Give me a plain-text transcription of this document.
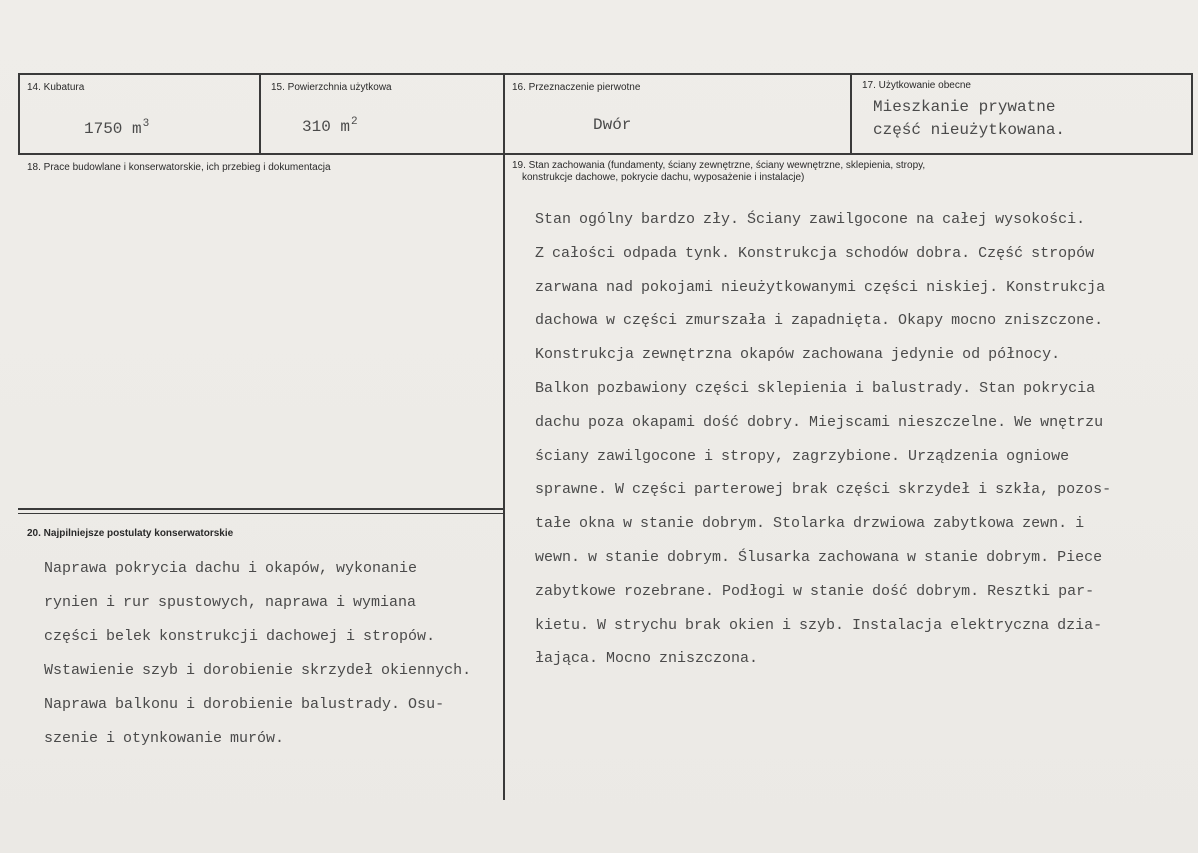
14. Kubatura
1750 $m^3$
15. Powierzchnia użytkowa
310 $m^2$
16. Przeznaczenie pierwotne
Dwór
17. Użytkowanie obecne
Mieszkanie prywatne
część nieużytkowana.
18. Prace budowlane i konserwatorskie, ich przebieg i dokumentacja	19. Stan zachowania (fundamenty, ściany zewnętrzne, ściany wewnętrzne, sklepienia, stropy,
konstrukcje dachowe, pokrycie dachu, wyposażenie i instalacje)
Stan ogólny bardzo zły. Ściany zawilgocone na całej wysokości.
Z całości odpada tynk. Konstrukcja schodów dobra. Część stropów
zarwana nad pokojami nieużytkowanymi części niskiej. Konstrukcja
dachowa w części zmurszała i zapadnięta. Okapy mocno zniszczone.
Konstrukcja zewnętrzna okapów zachowana jedynie od północy.
Balkon pozbawiony części sklepienia i balustrady. Stan pokrycia
dachu poza okapami dość dobry. Miejscami nieszczelne. We wnętrzu
ściany zawilgocone i stropy, zagrzybione. Urządzenia ogniowe
sprawne. W części parterowej brak części skrzydeł i szkła, pozos-
tałe okna w stanie dobrym. Stolarka drzwiowa zabytkowa zewn. i
wewn. w stanie dobrym. Ślusarka zachowana w stanie dobrym. Piece
zabytkowe rozebrane. Podłogi w stanie dość dobrym. Resztki par-
kietu. W strychu brak okien i szyb. Instalacja elektryczna dzia-
łająca. Mocno zniszczona.
20. Najpilniejsze postulaty konserwatorskie
Naprawa pokrycia dachu i okapów, wykonanie
rynien i rur spustowych, naprawa i wymiana
części belek konstrukcji dachowej i stropów.
Wstawienie szyb i dorobienie skrzydeł okiennych.
Naprawa balkonu i dorobienie balustrady. Osu-
szenie i otynkowanie murów.
